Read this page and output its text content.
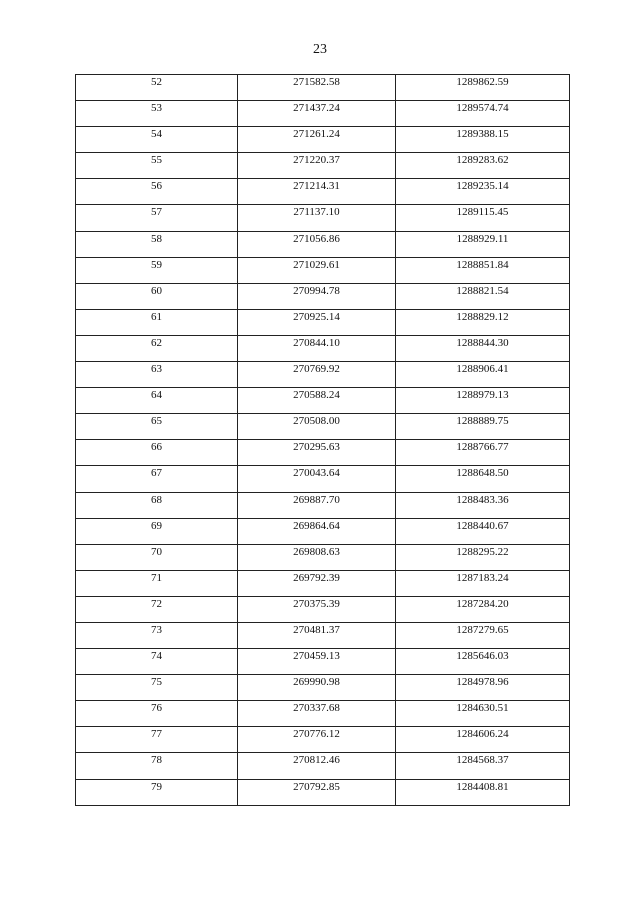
23
52	271582.58	1289862.59
53	271437.24	1289574.74
54	271261.24	1289388.15
55	271220.37	1289283.62
56	271214.31	1289235.14
57	271137.10	1289115.45
58	271056.86	1288929.11
59	271029.61	1288851.84
60	270994.78	1288821.54
61	270925.14	1288829.12
62	270844.10	1288844.30
63	270769.92	1288906.41
64	270588.24	1288979.13
65	270508.00	1288889.75
66	270295.63	1288766.77
67	270043.64	1288648.50
68	269887.70	1288483.36
69	269864.64	1288440.67
70	269808.63	1288295.22
71	269792.39	1287183.24
72	270375.39	1287284.20
73	270481.37	1287279.65
74	270459.13	1285646.03
75	269990.98	1284978.96
76	270337.68	1284630.51
77	270776.12	1284606.24
78	270812.46	1284568.37
79	270792.85	1284408.81
